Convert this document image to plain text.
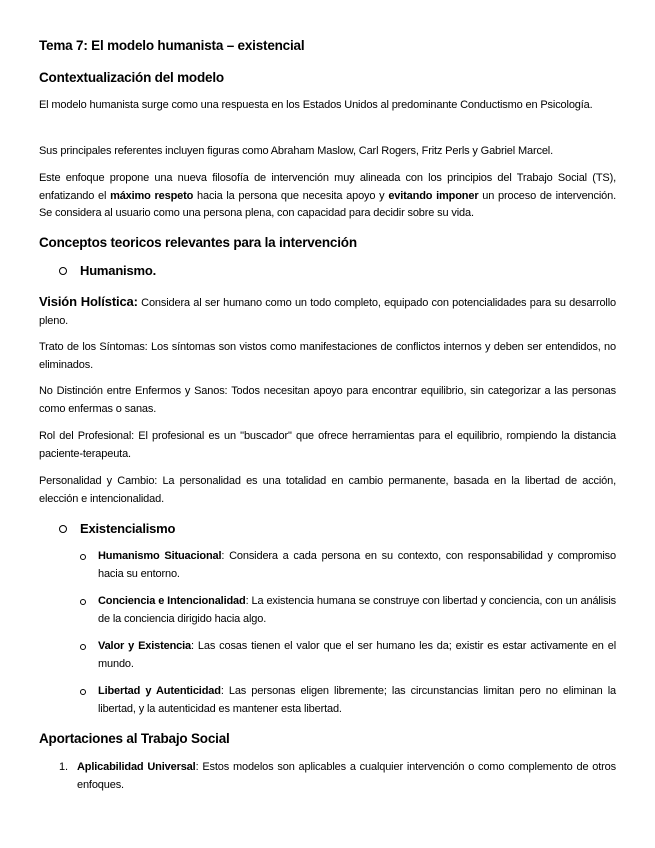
Tema 7: El modelo humanista – existencial
Contextualización del modelo
El modelo humanista surge como una respuesta en los Estados Unidos al predominante Conductismo en Psicología.
Sus principales referentes incluyen figuras como Abraham Maslow, Carl Rogers, Fritz Perls y Gabriel Marcel.
Este enfoque propone una nueva filosofía de intervención muy alineada con los principios del Trabajo Social (TS), enfatizando el máximo respeto hacia la persona que necesita apoyo y evitando imponer un proceso de intervención. Se considera al usuario como una persona plena, con capacidad para decidir sobre su vida.
Conceptos teoricos relevantes para la intervención
Humanismo.
Visión Holística: Considera al ser humano como un todo completo, equipado con potencialidades para su desarrollo pleno.
Trato de los Síntomas: Los síntomas son vistos como manifestaciones de conflictos internos y deben ser entendidos, no eliminados.
No Distinción entre Enfermos y Sanos: Todos necesitan apoyo para encontrar equilibrio, sin categorizar a las personas como enfermas o sanas.
Rol del Profesional: El profesional es un "buscador" que ofrece herramientas para el equilibrio, rompiendo la distancia paciente-terapeuta.
Personalidad y Cambio: La personalidad es una totalidad en cambio permanente, basada en la libertad de acción, elección e intencionalidad.
Existencialismo
Humanismo Situacional: Considera a cada persona en su contexto, con responsabilidad y compromiso hacia su entorno.
Conciencia e Intencionalidad: La existencia humana se construye con libertad y conciencia, con un análisis de la conciencia dirigido hacia algo.
Valor y Existencia: Las cosas tienen el valor que el ser humano les da; existir es estar activamente en el mundo.
Libertad y Autenticidad: Las personas eligen libremente; las circunstancias limitan pero no eliminan la libertad, y la autenticidad es mantener esta libertad.
Aportaciones al Trabajo Social
1. Aplicabilidad Universal: Estos modelos son aplicables a cualquier intervención o como complemento de otros enfoques.
